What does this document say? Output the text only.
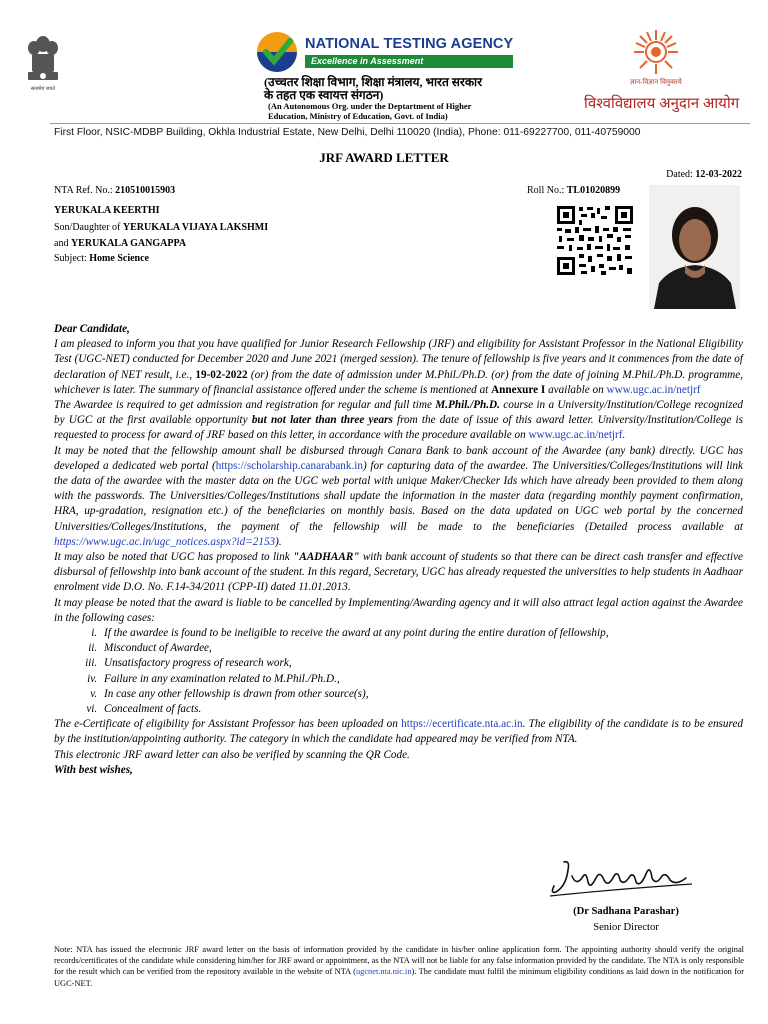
सत्यमेव जयते
NATIONAL TESTING AGENCY
Excellence in Assessment
(उच्चतर शिक्षा विभाग, शिक्षा मंत्रालय, भारत सरकार
के तहत एक स्वायत्त संगठन)
(An Autonomous Org. under the Deptartment of Higher
Education, Ministry of Education, Govt. of India)
ज्ञान-विज्ञान विमुक्तये
विश्वविद्यालय अनुदान आयोग
First Floor, NSIC-MDBP Building, Okhla Industrial Estate, New Delhi, Delhi 110020 (India), Phone: 011-69227700, 011-40759000
JRF AWARD LETTER
Dated: 12-03-2022
NTA Ref. No.: 210510015903	Roll No.: TL01020899
YERUKALA KEERTHI
Son/Daughter of YERUKALA VIJAYA LAKSHMI
and YERUKALA GANGAPPA
Subject: Home Science

Dear Candidate,

I am pleased to inform you that you have qualified for Junior Research Fellowship (JRF) and eligibility for Assistant Professor in the National Eligibility Test (UGC-NET) conducted for December 2020 and June 2021 (merged session). The tenure of fellowship is five years and it commences from the date of declaration of NET result, i.e., 19-02-2022 (or) from the date of admission under M.Phil./Ph.D. (or) from the date of joining M.Phil./Ph.D. programme, whichever is later. The summary of financial assistance offered under the scheme is mentioned at Annexure I available on www.ugc.ac.in/netjrf

The Awardee is required to get admission and registration for regular and full time M.Phil./Ph.D. course in a University/Institution/College recognized by UGC at the first available opportunity but not later than three years from the date of issue of this award letter. University/Institution/College is requested to process for award of JRF based on this letter, in accordance with the procedure available on www.ugc.ac.in/netjrf.

It may be noted that the fellowship amount shall be disbursed through Canara Bank to bank account of the Awardee (any bank) directly. UGC has developed a dedicated web portal (https://scholarship.canarabank.in) for capturing data of the awardee. The Universities/Colleges/Institutions will link the data of the awardee with the master data on the UGC web portal with unique Maker/Checker Ids which have already been provided to them along with the passwords. The Universities/Colleges/Institutions shall update the information in the master data (regarding monthly payment confirmation, HRA, up-gradation, resignation etc.) of the beneficiaries on monthly basis. Based on the data updated on UGC web portal by the concerned Universities/Colleges/Institutions, the payment of the fellowship will be made to the beneficiaries (Detailed process available at https://www.ugc.ac.in/ugc_notices.aspx?id=2153).

It may also be noted that UGC has proposed to link "AADHAAR" with bank account of students so that there can be direct cash transfer and effective disbursal of fellowship into bank account of the student. In this regard, Secretary, UGC has already requested the universities to help students in Aadhaar enrolment vide D.O. No. F.14-34/2011 (CPP-II) dated 11.01.2013.

It may please be noted that the award is liable to be cancelled by Implementing/Awarding agency and it will also attract legal action against the Awardee in the following cases:

i. If the awardee is found to be ineligible to receive the award at any point during the entire duration of fellowship,
ii. Misconduct of Awardee,
iii. Unsatisfactory progress of research work,
iv. Failure in any examination related to M.Phil./Ph.D.,
v. In case any other fellowship is drawn from other source(s),
vi. Concealment of facts.

The e-Certificate of eligibility for Assistant Professor has been uploaded on https://ecertificate.nta.ac.in. The eligibility of the candidate is to be ensured by the institution/appointing authority. The category in which the candidate had appeared may be verified from NTA.

This electronic JRF award letter can also be verified by scanning the QR Code.

With best wishes,

(Dr Sadhana Parashar)
Senior Director
Note: NTA has issued the electronic JRF award letter on the basis of information provided by the candidate in his/her online application form. The appointing authority should verify the original records/certificates of the candidate while considering him/her for JRF award or appointment, as the NTA will not be liable for any false information provided by the candidate. The NTA is only responsible for the result which can be verified from the repository available in the website of NTA (ugcnet.nta.nic.in). The candidate must fulfil the minimum eligibility conditions as laid down in the notification for UGC-NET.
